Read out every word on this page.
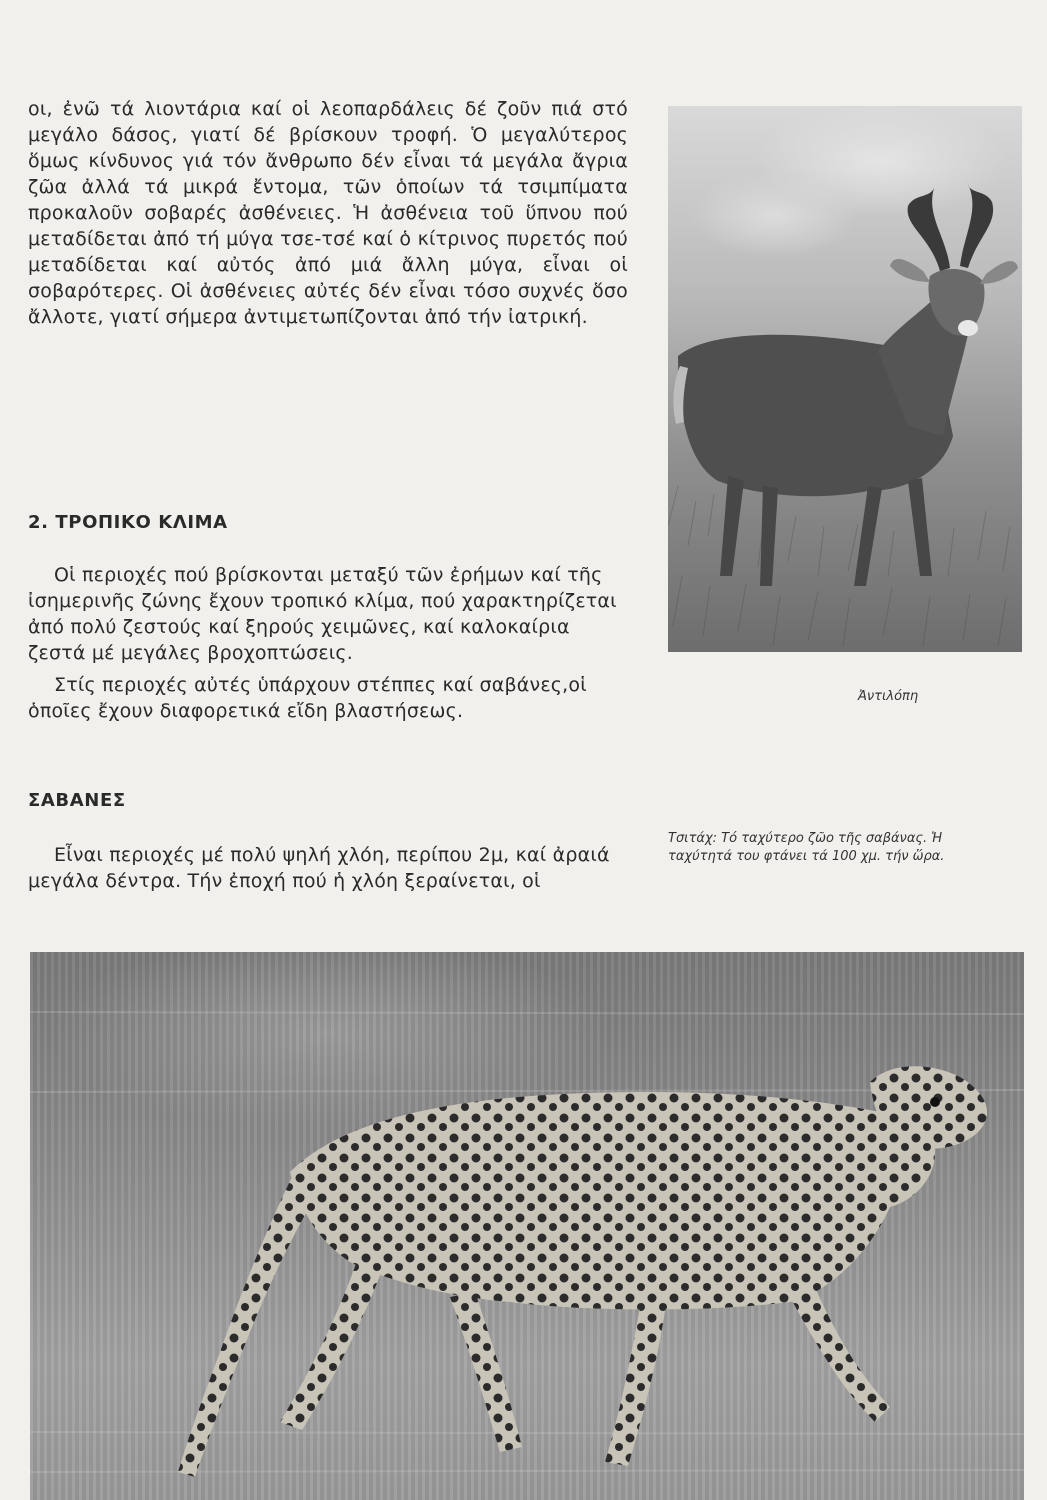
οι, ἐνῶ τά λιοντάρια καί οἱ λεοπαρδάλεις δέ ζοῦν πιά στό μεγάλο δάσος, γιατί δέ βρίσκουν τροφή. Ὁ μεγαλύτερος ὅμως κίνδυνος γιά τόν ἄνθρωπο δέν εἶναι τά μεγάλα ἄγρια ζῶα ἀλλά τά μικρά ἔντομα, τῶν ὁποίων τά τσιμπίματα προκαλοῦν σοβαρές ἀσθένειες. Ἡ ἀσθένεια τοῦ ὕπνου πού μεταδίδεται ἀπό τή μύγα τσε-τσέ καί ὁ κίτρινος πυρετός πού μεταδίδεται καί αὐτός ἀπό μιά ἄλλη μύγα, εἶναι οἱ σοβαρότερες. Οἱ ἀσθένειες αὐτές δέν εἶναι τόσο συχνές ὅσο ἄλλοτε, γιατί σήμερα ἀντιμετωπίζονται ἀπό τήν ἰατρική.

2. ΤΡΟΠΙΚΟ ΚΛΙΜΑ

Οἱ περιοχές πού βρίσκονται μεταξύ τῶν ἐρήμων καί τῆς ἰσημερινῆς ζώνης ἔχουν τροπικό κλίμα, πού χαρακτηρίζεται ἀπό πολύ ζεστούς καί ξηρούς χειμῶνες, καί καλοκαίρια ζεστά μέ μεγάλες βροχοπτώσεις.

Στίς περιοχές αὐτές ὑπάρχουν στέππες καί σαβάνες,οἱ ὁποῖες ἔχουν διαφορετικά εἴδη βλαστήσεως.

ΣΑΒΑΝΕΣ

Εἶναι περιοχές μέ πολύ ψηλή χλόη, περίπου 2μ, καί ἀραιά μεγάλα δέντρα. Τήν ἐποχή πού ἡ χλόη ξεραίνεται, οἱ

Ἀντιλόπη

Τσιτάχ: Τό ταχύτερο ζῶο τῆς σαβάνας. Ἡ ταχύτητά του φτάνει τά 100 χμ. τήν ὥρα.
